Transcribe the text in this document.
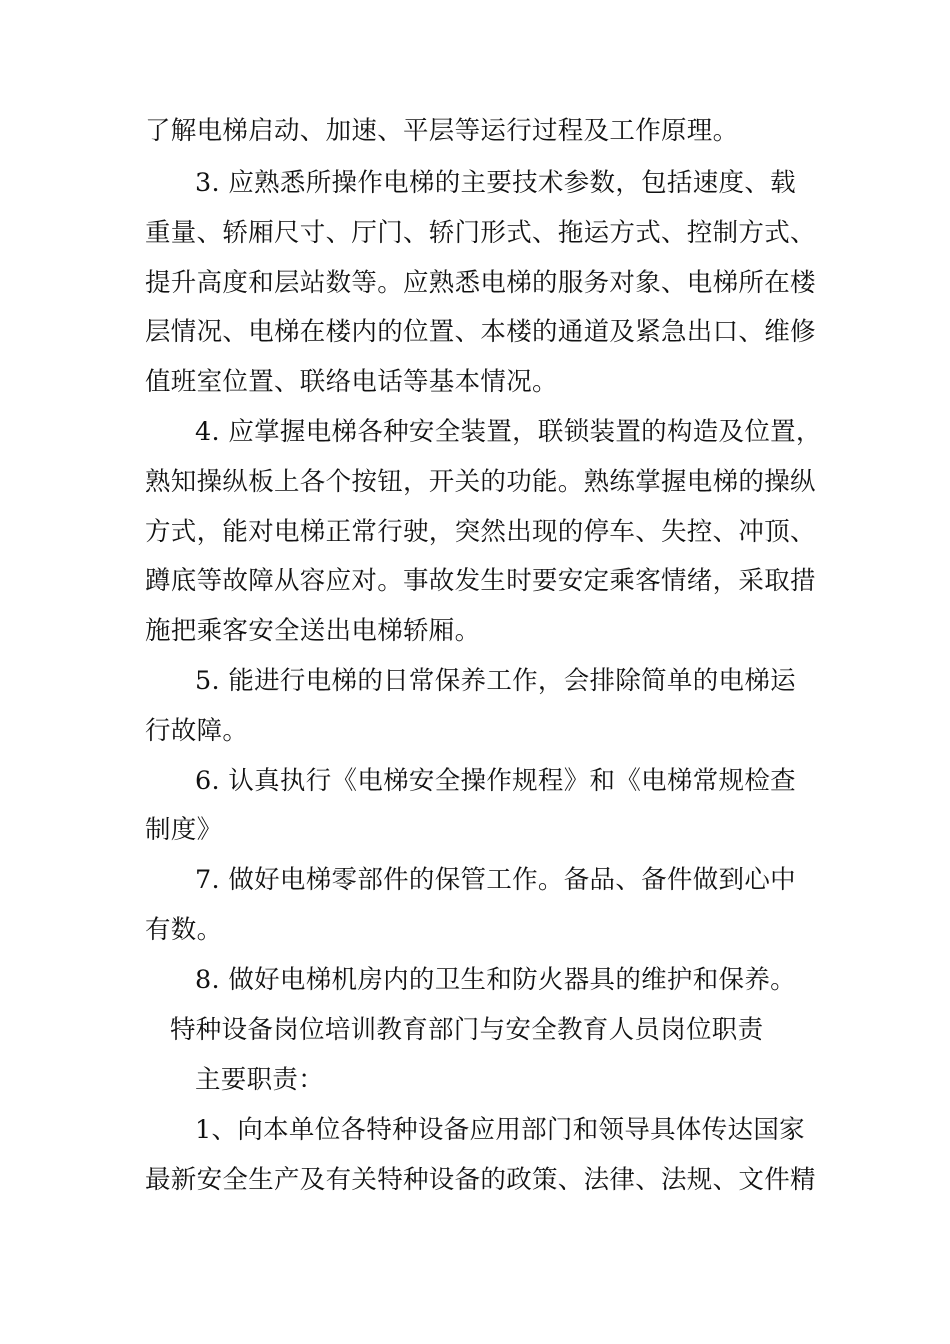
了解电梯启动、加速、平层等运行过程及工作原理。
3. 应熟悉所操作电梯的主要技术参数，包括速度、载
重量、轿厢尺寸、厅门、轿门形式、拖运方式、控制方式、
提升高度和层站数等。应熟悉电梯的服务对象、电梯所在楼
层情况、电梯在楼内的位置、本楼的通道及紧急出口、维修
值班室位置、联络电话等基本情况。
4. 应掌握电梯各种安全装置，联锁装置的构造及位置，
熟知操纵板上各个按钮，开关的功能。熟练掌握电梯的操纵
方式，能对电梯正常行驶，突然出现的停车、失控、冲顶、
蹲底等故障从容应对。事故发生时要安定乘客情绪，采取措
施把乘客安全送出电梯轿厢。
5. 能进行电梯的日常保养工作，会排除简单的电梯运
行故障。
6. 认真执行《电梯安全操作规程》和《电梯常规检查
制度》
7. 做好电梯零部件的保管工作。备品、备件做到心中
有数。
8. 做好电梯机房内的卫生和防火器具的维护和保养。
特种设备岗位培训教育部门与安全教育人员岗位职责
主要职责：
1、向本单位各特种设备应用部门和领导具体传达国家
最新安全生产及有关特种设备的政策、法律、法规、文件精
